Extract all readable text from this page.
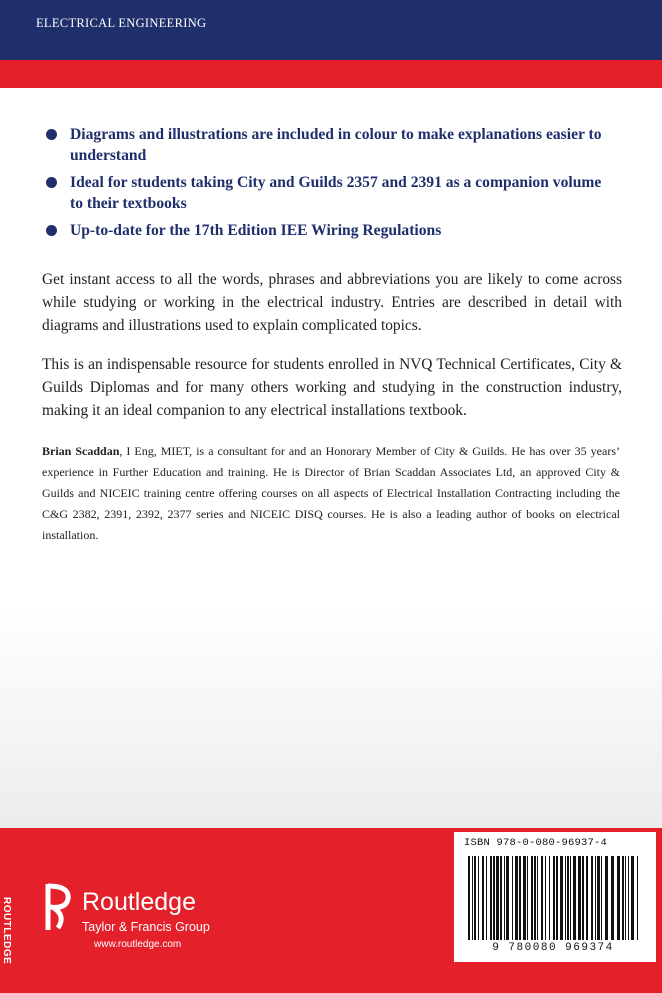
ELECTRICAL ENGINEERING
Diagrams and illustrations are included in colour to make explanations easier to understand
Ideal for students taking City and Guilds 2357 and 2391 as a companion volume to their textbooks
Up-to-date for the 17th Edition IEE Wiring Regulations

Get instant access to all the words, phrases and abbreviations you are likely to come across while studying or working in the electrical industry. Entries are described in detail with diagrams and illustrations used to explain complicated topics.

This is an indispensable resource for students enrolled in NVQ Technical Certificates, City & Guilds Diplomas and for many others working and studying in the construction industry, making it an ideal companion to any electrical installations textbook.

Brian Scaddan, I Eng, MIET, is a consultant for and an Honorary Member of City & Guilds. He has over 35 years’ experience in Further Education and training. He is Director of Brian Scaddan Associates Ltd, an approved City & Guilds and NICEIC training centre offering courses on all aspects of Electrical Installation Contracting including the C&G 2382, 2391, 2392, 2377 series and NICEIC DISQ courses. He is also a leading author of books on electrical installation.

ROUTLEDGE	Routledge
Taylor & Francis Group
www.routledge.com
ISBN 978-0-080-96937-4
9 780080 969374
